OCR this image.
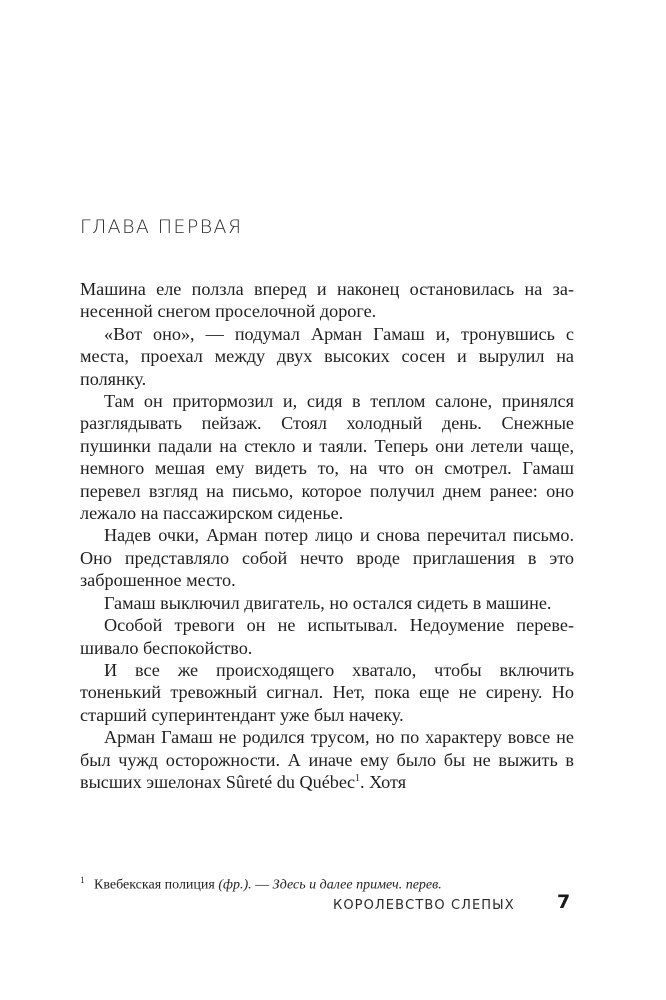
ГЛАВА ПЕРВАЯ

Машина еле ползла вперед и наконец остановилась на занесенной снегом проселочной дороге.

«Вот оно», — подумал Арман Гамаш и, тронувшись с места, проехал между двух высоких сосен и вырулил на полянку.

Там он притормозил и, сидя в теплом салоне, принялся разглядывать пейзаж. Стоял холодный день. Снежные пушинки падали на стекло и таяли. Теперь они летели чаще, немного мешая ему видеть то, на что он смотрел. Гамаш перевел взгляд на письмо, которое получил днем ранее: оно лежало на пассажирском сиденье.

Надев очки, Арман потер лицо и снова перечитал письмо. Оно представляло собой нечто вроде приглашения в это заброшенное место.

Гамаш выключил двигатель, но остался сидеть в машине.

Особой тревоги он не испытывал. Недоумение перевешивало беспокойство.

И все же происходящего хватало, чтобы включить тоненький тревожный сигнал. Нет, пока еще не сирену. Но старший суперинтендант уже был начеку.

Арман Гамаш не родился трусом, но по характеру вовсе не был чужд осторожности. А иначе ему было бы не выжить в высших эшелонах Sûreté du Québec$^1$. Хотя

$^1$ Квебекская полиция (фр.). — Здесь и далее примеч. перев.
КОРОЛЕВСТВО СЛЕПЫХ 7
